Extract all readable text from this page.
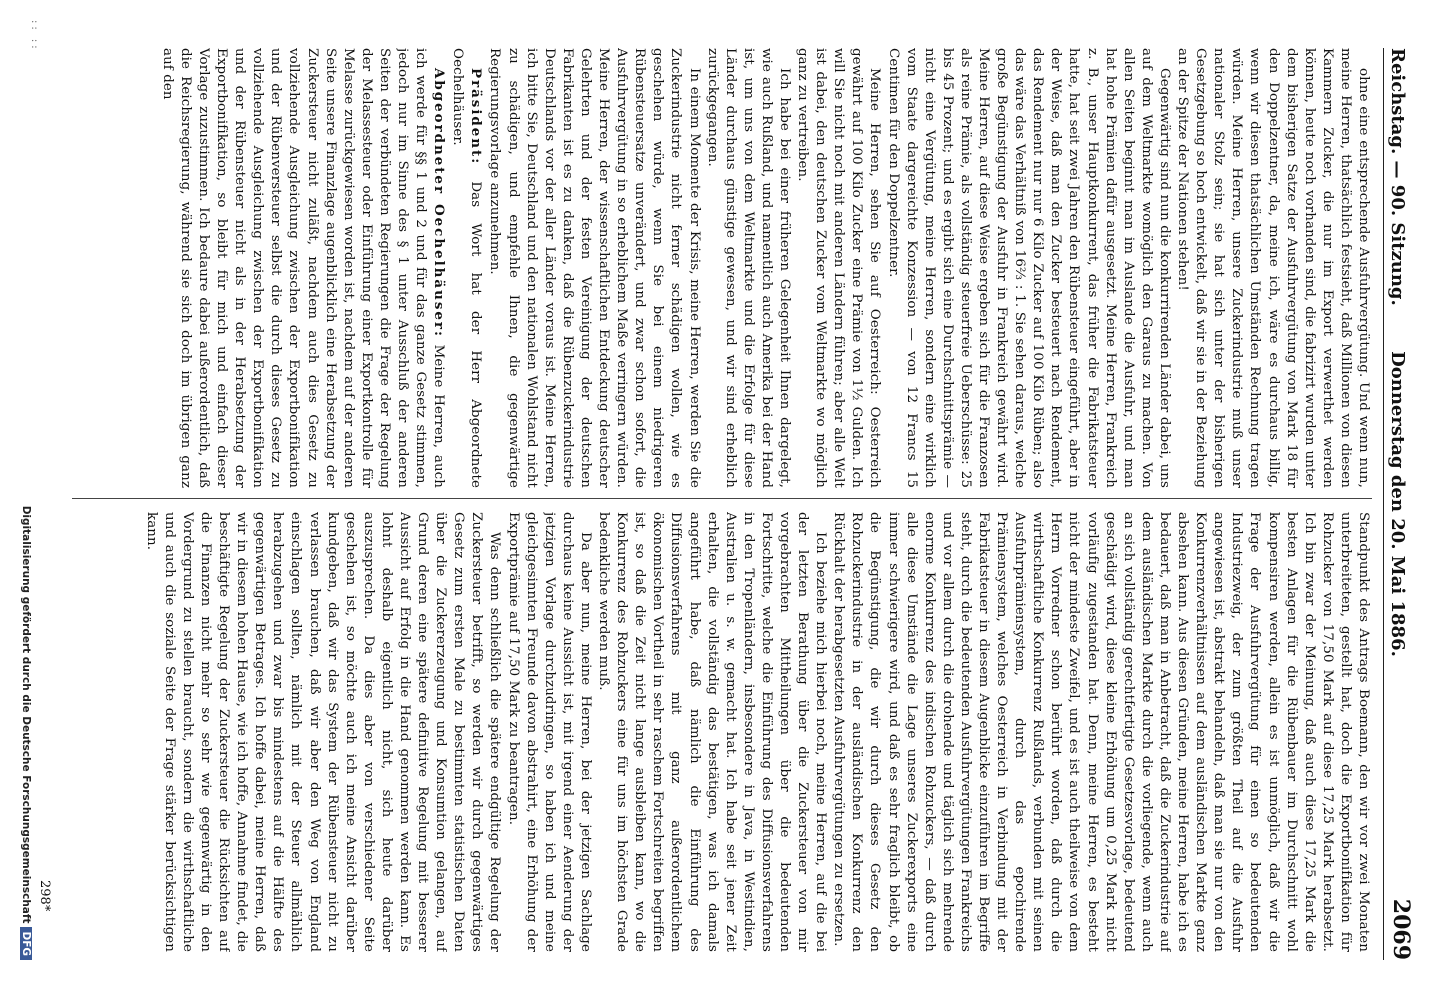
Reichstag. — 90. Sitzung.
Donnerstag den 20. Mai 1886.
2069

ohne eine entsprechende Ausfuhrvergütung. Und wenn nun, meine Herren, thatsächlich festsieht, daß Millionen von diesen Kammern Zucker, die nur im Export verwerthet werden können, heute noch vorhanden sind, die fabrizirt wurden unter dem bisherigen Satze der Ausfuhrvergütung von Mark 18 für den Doppelzentner, da, meine ich, wäre es durchaus billig, wenn wir diesen thatsächlichen Umständen Rechnung tragen würden. Meine Herren, unsere Zuckerindustrie muß unser nationaler Stolz sein; sie hat sich unter der bisherigen Gesetzgebung so hoch entwickelt, daß wir sie in der Beziehung an der Spitze der Nationen stehen!

Gegenwärtig sind nun die konkurrirenden Länder dabei, uns auf dem Weltmarkte womöglich den Garaus zu machen. Von allen Seiten beginnt man im Auslande die Ausfuhr, und man hat hohe Prämien dafür ausgesetzt. Meine Herren, Frankreich z. B., unser Hauptkonkurrent, das früher die Fabrikatsteuer hatte, hat seit zwei Jahren den Rübensteuer eingeführt, aber in der Weise, daß man den Zucker besteuert nach Rendement, das Rendement nur nur 6 Kilo Zucker auf 100 Kilo Rüben; also das wäre das Verhältniß von 16⅔ : 1. Sie sehen daraus, welche große Begünstigung der Ausfuhr in Frankreich gewährt wird. Meine Herren, auf diese Weise ergeben sich für die Franzosen als reine Prämie, als vollständig steuerfreie Ueberschüsse: 25 bis 45 Prozent; und es ergibt sich eine Durchschnittsprämie — nicht eine Vergütung, meine Herren, sondern eine wirklich vom Staate dargereichte Konzession — von 12 Francs 15 Centimen für den Doppelzentner.

Meine Herren, sehen Sie auf Oesterreich: Oesterreich gewährt auf 100 Kilo Zucker eine Prämie von 1½ Gulden. Ich will Sie nicht noch mit anderen Ländern führen; aber alle Welt ist dabei, den deutschen Zucker vom Weltmarkte wo möglich ganz zu vertreiben.

Ich habe bei einer früheren Gelegenheit Ihnen dargelegt, wie auch Rußland, und namentlich auch Amerika bei der Hand ist, um uns von dem Weltmarkte und die Erfolge für diese Länder durchaus günstige gewesen, und wir sind erheblich zurückgegangen.

In einem Momente der Krisis, meine Herren, werden Sie die Zuckerindustrie nicht ferner schädigen wollen, wie es geschehen würde, wenn Sie bei einem niedrigeren Rübensteuersatze unverändert, und zwar schon sofort, die Ausfuhrvergütung in so erheblichem Maße verringern würden. Meine Herren, der wissenschaftlichen Entdeckung deutscher Gelehrten und der festen Vereinigung der deutschen Fabrikanten ist es zu danken, daß die Rübenzuckerindustrie Deutschlands vor der aller Länder voraus ist. Meine Herren, ich bitte Sie, Deutschland und den nationalen Wohlstand nicht zu schädigen, und empfehle Ihnen, die gegenwärtige Regierungsvorlage anzunehmen.

Präsident: Das Wort hat der Herr Abgeordnete Oechelhäuser.

Abgeordneter Oechelhäuser: Meine Herren, auch ich werde für §§ 1 und 2 und für das ganze Gesetz stimmen, jedoch nur im Sinne des § 1 unter Ausschluß der anderen Seiten der verbündeten Regierungen die Frage der Regelung der Melassesteuer oder Einführung einer Exportkontrolle für Melasse zurückgewiesen worden ist, nachdem auf der anderen Seite unsere Finanzlage augenblicklich eine Herabsetzung der Zuckersteuer nicht zuläßt, nachdem auch dies Gesetz zu vollziehende Ausgleichung zwischen der Exportbonifikation und der Rübenversteuer selbst die durch dieses Gesetz zu vollziehende Ausgleichung zwischen der Exportbonifikation und der Rübensteuer nicht als in der Herabsetzung der Exportbonifikation, so bleibt für mich und einfach dieser Vorlage zuzustimmen. Ich bedaure dabei außerordentlich, daß die Reichsregierung, während sie sich doch im übrigen ganz auf den

Standpunkt des Antrags Boemann, den wir vor zwei Monaten unterbreiteten, gestellt hat, doch die Exportbonifikation für Rohzucker von 17,50 Mark auf diese 17,25 Mark herabsetzt. Ich bin zwar der Meinung, daß auch diese 17,25 Mark die besten Anlagen für die Rübenbauer im Durchschnitt wohl kompensiren werden, allein es ist unmöglich, daß wir die Frage der Ausfuhrvergütung für einen so bedeutenden Industriezweig, der zum größten Theil auf die Ausfuhr angewiesen ist, abstrakt behandeln, daß man sie nur von den Konkurrenzverhältnissen auf dem ausländischen Markte ganz absehen kann. Aus diesen Gründen, meine Herren, habe ich es bedauert, daß man in Anbetracht, daß die Zuckerindustrie auf dem ausländischen Markte durch die vorliegende, wenn auch an sich vollständig gerechtfertigte Gesetzesvorlage, bedeutend geschädigt wird, diese kleine Erhöhung um 0,25 Mark nicht vorläufig zugestanden hat. Denn, meine Herren, es besteht nicht der mindeste Zweifel, und es ist auch theilweise von dem Herrn Vorredner schon berührt worden, daß durch die wirthschaftliche Konkurrenz Rußlands, verbunden mit seinen Ausfuhrprämiensystem, durch das epochirende Prämiensystem, welches Oesterreich in Verbindung mit der Fabrikatsteuer in diesem Augenblicke einzuführen im Begriffe steht, durch die bedeutenden Ausfuhrvergütungen Frankreichs und vor allem durch die drohende und täglich sich mehrende enorme Konkurrenz des indischen Rohzuckers, — daß durch alle diese Umstände die Lage unseres Zuckerexports eine immer schwierigere wird, und daß es sehr fraglich bleibt, ob die Begünstigung, die wir durch dieses Gesetz den Rohzuckerindustrie in der ausländischen Konkurrenz den Rückhalt der herabgesetzten Ausfuhrvergütungen zu ersetzen.

Ich beziehe mich hierbei noch, meine Herren, auf die bei der letzten Berathung über die Zuckersteuer von mir vorgebrachten Mittheilungen über die bedeutenden Fortschritte, welche die Einführung des Diffusionsverfahrens in den Tropenländern, insbesondere in Java, in Westindien, Australien u. s. w. gemacht hat. Ich habe seit jener Zeit erhalten, die vollständig das bestätigen, was ich damals angeführt habe, daß nämlich die Einführung des Diffusionsverfahrens mit ganz außerordentlichem ökonomischen Vortheil in sehr raschem Fortschreiten begriffen ist, so daß die Zeit nicht lange ausbleiben kann, wo die Konkurrenz des Rohzuckers eine für uns im höchsten Grade bedenkliche werden muß.

Da aber nun, meine Herren, bei der jetzigen Sachlage durchaus keine Aussicht ist, mit irgend einer Aenderung der jetzigen Vorlage durchzudringen, so haben ich und meine gleichgesinnten Freunde davon abstrahirt, eine Erhöhung der Exportprämie auf 17,50 Mark zu beantragen.

Was denn schließlich die spätere endgültige Regelung der Zuckersteuer betrifft, so werden wir durch gegenwärtiges Gesetz zum ersten Male zu bestimmten statistischen Daten über die Zuckererzeugung und Konsumtion gelangen, auf Grund deren eine spätere definitive Regelung mit besserer Aussicht auf Erfolg in die Hand genommen werden kann. Es lohnt deshalb eigentlich nicht, sich heute darüber auszusprechen. Da dies aber von verschiedener Seite geschehen ist, so möchte auch ich meine Ansicht darüber kundgeben, daß wir das System der Rübensteuer nicht zu verlassen brauchen, daß wir aber den Weg von England einschlagen sollten, nämlich mit der Steuer allmählich herabzugehen und zwar bis mindestens auf die Hälfte des gegenwärtigen Betrages. Ich hoffe dabei, meine Herren, daß wir in diesem hohen Hause, wie ich hoffe, Annahme findet, die beschäftigte Regelung der Zuckersteuer die Rücksichten auf die Finanzen nicht mehr so sehr wie gegenwärtig in den Vordergrund zu stellen braucht, sondern die wirthschaftliche und auch die soziale Seite der Frage stärker berücksichtigen kann.

298*
:: ::
Digitalisierung gefördert durch die Deutsche ForschungsgemeinschaftDFG
